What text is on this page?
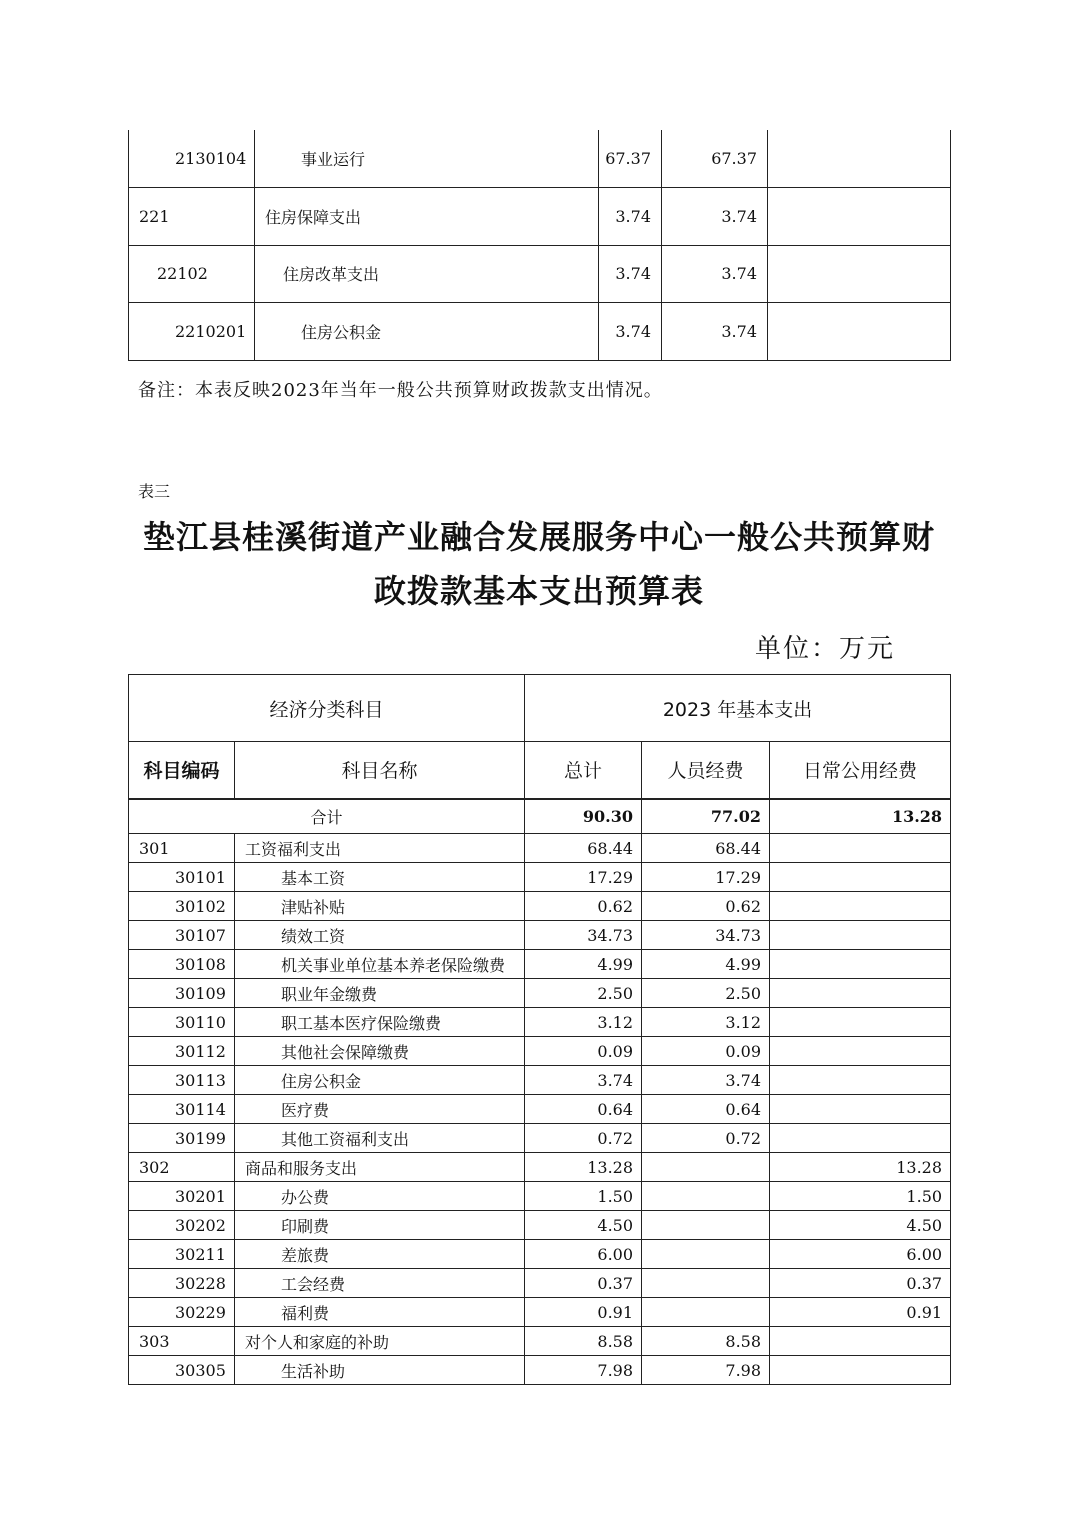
2130104	事业运行	67.37	67.37	
221	住房保障支出	3.74	3.74	
22102	住房改革支出	3.74	3.74	
2210201	住房公积金	3.74	3.74	
备注：本表反映2023年当年一般公共预算财政拨款支出情况。
表三
垫江县桂溪街道产业融合发展服务中心一般公共预算财
政拨款基本支出预算表
单位：万元
经济分类科目		2023 年基本支出		
科目编码	科目名称	总计	人员经费	日常公用经费
合计		90.30	77.02	13.28
301	工资福利支出	68.44	68.44	
30101	基本工资	17.29	17.29	
30102	津贴补贴	0.62	0.62	
30107	绩效工资	34.73	34.73	
30108	机关事业单位基本养老保险缴费	4.99	4.99	
30109	职业年金缴费	2.50	2.50	
30110	职工基本医疗保险缴费	3.12	3.12	
30112	其他社会保障缴费	0.09	0.09	
30113	住房公积金	3.74	3.74	
30114	医疗费	0.64	0.64	
30199	其他工资福利支出	0.72	0.72	
302	商品和服务支出	13.28		13.28
30201	办公费	1.50		1.50
30202	印刷费	4.50		4.50
30211	差旅费	6.00		6.00
30228	工会经费	0.37		0.37
30229	福利费	0.91		0.91
303	对个人和家庭的补助	8.58	8.58	
30305	生活补助	7.98	7.98	
